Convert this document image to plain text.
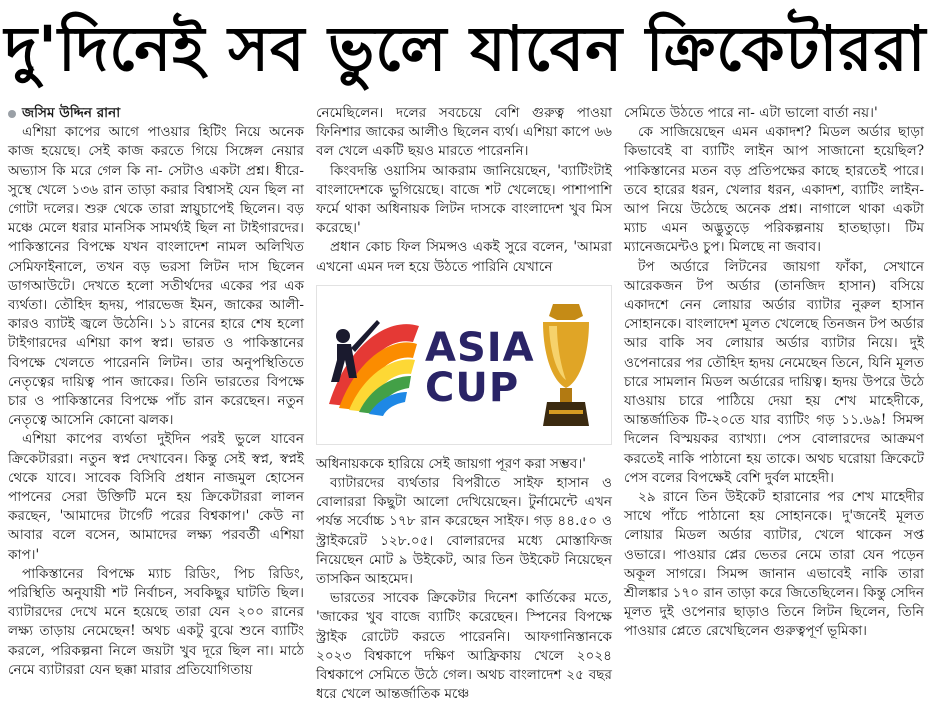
দু'দিনেই সব ভুলে যাবেন ক্রিকেটাররা

জসিম উদ্দিন রানা

এশিয়া কাপের আগে পাওয়ার হিটিং নিয়ে অনেক কাজ হয়েছে। সেই কাজ করতে গিয়ে সিঙ্গেল নেয়ার অভ্যাস কি মরে গেল কি না- সেটাও একটা প্রশ্ন। ধীরে-সুস্থে খেলে ১৩৬ রান তাড়া করার বিশ্বাসই যেন ছিল না গোটা দলের। শুরু থেকে তারা স্নায়ুচাপেই ছিলেন। বড় মঞ্চে মেলে ধরার মানসিক সামর্থ্যই ছিল না টাইগারদের। পাকিস্তানের বিপক্ষে যখন বাংলাদেশ নামল অলিখিত সেমিফাইনালে, তখন বড় ভরসা লিটন দাস ছিলেন ডাগআউটে। দেখতে হলো সতীর্থদের একের পর এক ব্যর্থতা। তৌহিদ হৃদয়, পারভেজ ইমন, জাকের আলী-কারও ব্যাটই জ্বলে উঠেনি। ১১ রানের হারে শেষ হলো টাইগারদের এশিয়া কাপ স্বপ্ন। ভারত ও পাকিস্তানের বিপক্ষে খেলতে পারেননি লিটন। তার অনুপস্থিতিতে নেতৃত্বের দায়িত্ব পান জাকের। তিনি ভারতের বিপক্ষে চার ও পাকিস্তানের বিপক্ষে পাঁচ রান করেছেন। নতুন নেতৃত্বে আসেনি কোনো ঝলক।

এশিয়া কাপের ব্যর্থতা দুইদিন পরই ভুলে যাবেন ক্রিকেটাররা। নতুন স্বপ্ন দেখাবেন। কিন্তু সেই স্বপ্ন, স্বপ্নই থেকে যাবে। সাবেক বিসিবি প্রধান নাজমুল হোসেন পাপনের সেরা উক্তিটি মনে হয় ক্রিকেটাররা লালন করছেন, 'আমাদের টার্গেট পরের বিশ্বকাপ।' কেউ না আবার বলে বসেন, আমাদের লক্ষ্য পরবর্তী এশিয়া কাপ।'

পাকিস্তানের বিপক্ষে ম্যাচ রিডিং, পিচ রিডিং, পরিস্থিতি অনুযায়ী শট নির্বাচন, সবকিছুর ঘাটতি ছিল। ব্যাটারদের দেখে মনে হয়েছে তারা যেন ২০০ রানের লক্ষ্য তাড়ায় নেমেছেন! অথচ একটু বুঝে শুনে ব্যাটিং করলে, পরিকল্পনা নিলে জয়টা খুব দূরে ছিল না। মাঠে নেমে ব্যাটাররা যেন ছক্কা মারার প্রতিযোগিতায়

নেমেছিলেন। দলের সবচেয়ে বেশি গুরুত্ব পাওয়া ফিনিশার জাকের আলীও ছিলেন ব্যর্থ। এশিয়া কাপে ৬৬ বল খেলে একটি ছয়ও মারতে পারেননি।

কিংবদন্তি ওয়াসিম আকরাম জানিয়েছেন, 'ব্যাটিংটাই বাংলাদেশকে ভুগিয়েছে। বাজে শট খেলেছে। পাশাপাশি ফর্মে থাকা অধিনায়ক লিটন দাসকে বাংলাদেশ খুব মিস করেছে।'

প্রধান কোচ ফিল সিমন্সও একই সুরে বলেন, 'আমরা এখনো এমন দল হয়ে উঠতে পারিনি যেখানে

ASIA
CUP

অধিনায়ককে হারিয়ে সেই জায়গা পূরণ করা সম্ভব।'

ব্যাটারদের ব্যর্থতার বিপরীতে সাইফ হাসান ও বোলাররা কিছুটা আলো দেখিয়েছেন। টুর্নামেন্টে এখন পর্যন্ত সর্বোচ্চ ১৭৮ রান করেছেন সাইফ। গড় ৪৪.৫০ ও স্ট্রাইকরেট ১২৮.০৫। বোলারদের মধ্যে মোস্তাফিজ নিয়েছেন মোট ৯ উইকেট, আর তিন উইকেট নিয়েছেন তাসকিন আহমেদ।

ভারতের সাবেক ক্রিকেটার দিনেশ কার্তিকের মতে, 'জাকের খুব বাজে ব্যাটিং করেছেন। স্পিনের বিপক্ষে স্ট্রাইক রোটেট করতে পারেননি। আফগানিস্তানকে ২০২৩ বিশ্বকাপে দক্ষিণ আফ্রিকায় খেলে ২০২৪ বিশ্বকাপে সেমিতে উঠে গেল। অথচ বাংলাদেশ ২৫ বছর ধরে খেলে আন্তর্জাতিক মঞ্চে

সেমিতে উঠতে পারে না- এটা ভালো বার্তা নয়।'

কে সাজিয়েছেন এমন একাদশ? মিডল অর্ডার ছাড়া কিভাবেই বা ব্যাটিং লাইন আপ সাজানো হয়েছিল? পাকিস্তানের মতন বড় প্রতিপক্ষের কাছে হারতেই পারে। তবে হারের ধরন, খেলার ধরন, একাদশ, ব্যাটিং লাইন-আপ নিয়ে উঠেছে অনেক প্রশ্ন। নাগালে থাকা একটা ম্যাচ এমন অদ্ভুতুড়ে পরিকল্পনায় হাতছাড়া। টিম ম্যানেজমেন্টও চুপ। মিলছে না জবাব।

টপ অর্ডারে লিটনের জায়গা ফাঁকা, সেখানে আরেকজন টপ অর্ডার (তানজিদ হাসান) বসিয়ে একাদশে নেন লোয়ার অর্ডার ব্যাটার নুরুল হাসান সোহানকে। বাংলাদেশ মূলত খেলেছে তিনজন টপ অর্ডার আর বাকি সব লোয়ার অর্ডার ব্যাটার নিয়ে। দুই ওপেনারের পর তৌহিদ হৃদয় নেমেছেন তিনে, যিনি মূলত চারে সামলান মিডল অর্ডারের দায়িত্ব। হৃদয় উপরে উঠে যাওয়ায় চারে পাঠিয়ে দেয়া হয় শেখ মাহেদীকে, আন্তর্জাতিক টি-২০তে যার ব্যাটিং গড় ১১.৬৯! সিমন্স দিলেন বিস্ময়কর ব্যাখ্যা। পেস বোলারদের আক্রমণ করতেই নাকি পাঠানো হয় তাকে। অথচ ঘরোয়া ক্রিকেটে পেস বলের বিপক্ষেই বেশি দুর্বল মাহেদী।

২৯ রানে তিন উইকেট হারানোর পর শেখ মাহেদীর সাথে পাঁচে পাঠানো হয় সোহানকে। দু'জনেই মূলত লোয়ার মিডল অর্ডার ব্যাটার, খেলে থাকেন সপ্ত ওভারে। পাওয়ার প্লের ভেতর নেমে তারা যেন পড়েন অকূল সাগরে। সিমন্স জানান এভাবেই নাকি তারা শ্রীলঙ্কার ১৭০ রান তাড়া করে জিতেছিলেন। কিন্তু সেদিন মূলত দুই ওপেনার ছাড়াও তিনে লিটন ছিলেন, তিনি পাওয়ার প্লেতে রেখেছিলেন গুরুত্বপূর্ণ ভূমিকা।
